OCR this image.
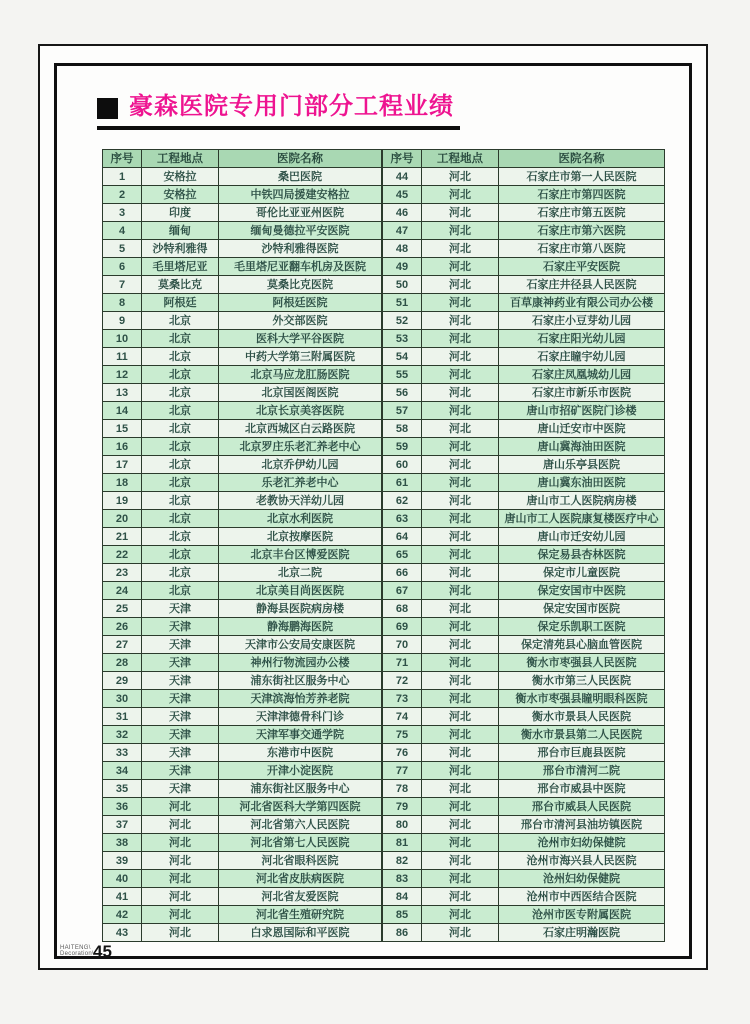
豪森医院专用门部分工程业绩
序号	工程地点	医院名称
1	安格拉	桑巴医院
2	安格拉	中铁四局援建安格拉
3	印度	哥伦比亚亚州医院
4	缅甸	缅甸曼德拉平安医院
5	沙特利雅得	沙特利雅得医院
6	毛里塔尼亚	毛里塔尼亚翻车机房及医院
7	莫桑比克	莫桑比克医院
8	阿根廷	阿根廷医院
9	北京	外交部医院
10	北京	医科大学平谷医院
11	北京	中药大学第三附属医院
12	北京	北京马应龙肛肠医院
13	北京	北京国医阁医院
14	北京	北京长京美容医院
15	北京	北京西城区白云路医院
16	北京	北京罗庄乐老汇养老中心
17	北京	北京乔伊幼儿园
18	北京	乐老汇养老中心
19	北京	老教协天洋幼儿园
20	北京	北京水利医院
21	北京	北京按摩医院
22	北京	北京丰台区博爱医院
23	北京	北京二院
24	北京	北京美目尚医医院
25	天津	静海县医院病房楼
26	天津	静海鹏海医院
27	天津	天津市公安局安康医院
28	天津	神州行物流园办公楼
29	天津	浦东街社区服务中心
30	天津	天津滨海怡芳养老院
31	天津	天津津德骨科门诊
32	天津	天津军事交通学院
33	天津	东港市中医院
34	天津	开津小淀医院
35	天津	浦东街社区服务中心
36	河北	河北省医科大学第四医院
37	河北	河北省第六人民医院
38	河北	河北省第七人民医院
39	河北	河北省眼科医院
40	河北	河北省皮肤病医院
41	河北	河北省友爱医院
42	河北	河北省生殖研究院
43	河北	白求恩国际和平医院
序号	工程地点	医院名称
44	河北	石家庄市第一人民医院
45	河北	石家庄市第四医院
46	河北	石家庄市第五医院
47	河北	石家庄市第六医院
48	河北	石家庄市第八医院
49	河北	石家庄平安医院
50	河北	石家庄井径县人民医院
51	河北	百草康神药业有限公司办公楼
52	河北	石家庄小豆芽幼儿园
53	河北	石家庄阳光幼儿园
54	河北	石家庄瞳宇幼儿园
55	河北	石家庄凤凰城幼儿园
56	河北	石家庄市新乐市医院
57	河北	唐山市招矿医院门诊楼
58	河北	唐山迁安市中医院
59	河北	唐山冀海油田医院
60	河北	唐山乐亭县医院
61	河北	唐山冀东油田医院
62	河北	唐山市工人医院病房楼
63	河北	唐山市工人医院康复楼医疗中心
64	河北	唐山市迁安幼儿园
65	河北	保定易县杏林医院
66	河北	保定市儿童医院
67	河北	保定安国市中医院
68	河北	保定安国市医院
69	河北	保定乐凯职工医院
70	河北	保定清苑县心脑血管医院
71	河北	衡水市枣强县人民医院
72	河北	衡水市第三人民医院
73	河北	衡水市枣强县瞳明眼科医院
74	河北	衡水市景县人民医院
75	河北	衡水市景县第二人民医院
76	河北	邢台市巨鹿县医院
77	河北	邢台市清河二院
78	河北	邢台市威县中医院
79	河北	邢台市威县人民医院
80	河北	邢台市清河县油坊镇医院
81	河北	沧州市妇幼保健院
82	河北	沧州市海兴县人民医院
83	河北	沧州妇幼保健院
84	河北	沧州市中西医结合医院
85	河北	沧州市医专附属医院
86	河北	石家庄明瀚医院
HAITENG\
Decoration\ 45
